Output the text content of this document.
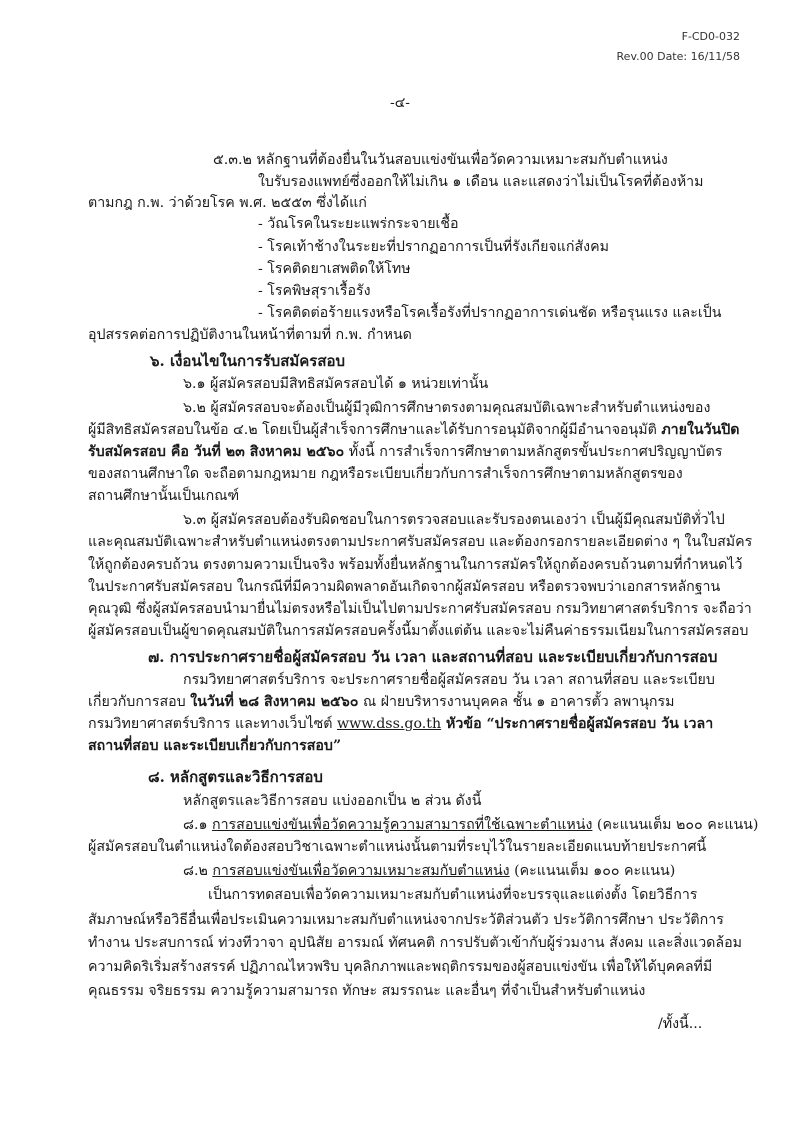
F-CD0-032
Rev.00 Date: 16/11/58
-๔-
๕.๓.๒ หลักฐานที่ต้องยื่นในวันสอบแข่งขันเพื่อวัดความเหมาะสมกับตำแหน่ง
ใบรับรองแพทย์ซึ่งออกให้ไม่เกิน ๑ เดือน และแสดงว่าไม่เป็นโรคที่ต้องห้าม
ตามกฎ ก.พ. ว่าด้วยโรค พ.ศ. ๒๕๕๓ ซึ่งได้แก่
- วัณโรคในระยะแพร่กระจายเชื้อ
- โรคเท้าช้างในระยะที่ปรากฏอาการเป็นที่รังเกียจแก่สังคม
- โรคติดยาเสพติดให้โทษ
- โรคพิษสุราเรื้อรัง
- โรคติดต่อร้ายแรงหรือโรคเรื้อรังที่ปรากฏอาการเด่นชัด หรือรุนแรง และเป็น
อุปสรรคต่อการปฏิบัติงานในหน้าที่ตามที่ ก.พ. กำหนด
๖. เงื่อนไขในการรับสมัครสอบ
๖.๑ ผู้สมัครสอบมีสิทธิสมัครสอบได้ ๑ หน่วยเท่านั้น
๖.๒ ผู้สมัครสอบจะต้องเป็นผู้มีวุฒิการศึกษาตรงตามคุณสมบัติเฉพาะสำหรับตำแหน่งของ
ผู้มีสิทธิสมัครสอบในข้อ ๔.๒ โดยเป็นผู้สำเร็จการศึกษาและได้รับการอนุมัติจากผู้มีอำนาจอนุมัติ ภายในวันปิด
รับสมัครสอบ คือ วันที่ ๒๓ สิงหาคม ๒๕๖๐ ทั้งนี้ การสำเร็จการศึกษาตามหลักสูตรขั้นประกาศปริญญาบัตร
ของสถานศึกษาใด จะถือตามกฎหมาย กฎหรือระเบียบเกี่ยวกับการสำเร็จการศึกษาตามหลักสูตรของ
สถานศึกษานั้นเป็นเกณฑ์
๖.๓ ผู้สมัครสอบต้องรับผิดชอบในการตรวจสอบและรับรองตนเองว่า เป็นผู้มีคุณสมบัติทั่วไป
และคุณสมบัติเฉพาะสำหรับตำแหน่งตรงตามประกาศรับสมัครสอบ และต้องกรอกรายละเอียดต่าง ๆ ในใบสมัคร
ให้ถูกต้องครบถ้วน ตรงตามความเป็นจริง พร้อมทั้งยื่นหลักฐานในการสมัครให้ถูกต้องครบถ้วนตามที่กำหนดไว้
ในประกาศรับสมัครสอบ ในกรณีที่มีความผิดพลาดอันเกิดจากผู้สมัครสอบ หรือตรวจพบว่าเอกสารหลักฐาน
คุณวุฒิ ซึ่งผู้สมัครสอบนำมายื่นไม่ตรงหรือไม่เป็นไปตามประกาศรับสมัครสอบ กรมวิทยาศาสตร์บริการ จะถือว่า
ผู้สมัครสอบเป็นผู้ขาดคุณสมบัติในการสมัครสอบครั้งนี้มาตั้งแต่ต้น และจะไม่คืนค่าธรรมเนียมในการสมัครสอบ
๗. การประกาศรายชื่อผู้สมัครสอบ วัน เวลา และสถานที่สอบ และระเบียบเกี่ยวกับการสอบ
กรมวิทยาศาสตร์บริการ จะประกาศรายชื่อผู้สมัครสอบ วัน เวลา สถานที่สอบ และระเบียบ
เกี่ยวกับการสอบ ในวันที่ ๒๘ สิงหาคม ๒๕๖๐ ณ ฝ่ายบริหารงานบุคคล ชั้น ๑ อาคารตั้ว ลพานุกรม
กรมวิทยาศาสตร์บริการ และทางเว็บไซต์ www.dss.go.th หัวข้อ “ประกาศรายชื่อผู้สมัครสอบ วัน เวลา
สถานที่สอบ และระเบียบเกี่ยวกับการสอบ”
๘. หลักสูตรและวิธีการสอบ
หลักสูตรและวิธีการสอบ แบ่งออกเป็น ๒ ส่วน ดังนี้
๘.๑ การสอบแข่งขันเพื่อวัดความรู้ความสามารถที่ใช้เฉพาะตำแหน่ง (คะแนนเต็ม ๒๐๐ คะแนน)
ผู้สมัครสอบในตำแหน่งใดต้องสอบวิชาเฉพาะตำแหน่งนั้นตามที่ระบุไว้ในรายละเอียดแนบท้ายประกาศนี้
๘.๒ การสอบแข่งขันเพื่อวัดความเหมาะสมกับตำแหน่ง (คะแนนเต็ม ๑๐๐ คะแนน)
เป็นการทดสอบเพื่อวัดความเหมาะสมกับตำแหน่งที่จะบรรจุและแต่งตั้ง โดยวิธีการ
สัมภาษณ์หรือวิธีอื่นเพื่อประเมินความเหมาะสมกับตำแหน่งจากประวัติส่วนตัว ประวัติการศึกษา ประวัติการ
ทำงาน ประสบการณ์ ท่วงทีวาจา อุปนิสัย อารมณ์ ทัศนคติ การปรับตัวเข้ากับผู้ร่วมงาน สังคม และสิ่งแวดล้อม
ความคิดริเริ่มสร้างสรรค์ ปฏิภาณไหวพริบ บุคลิกภาพและพฤติกรรมของผู้สอบแข่งขัน เพื่อให้ได้บุคคลที่มี
คุณธรรม จริยธรรม ความรู้ความสามารถ ทักษะ สมรรถนะ และอื่นๆ ที่จำเป็นสำหรับตำแหน่ง
/ทั้งนี้...
